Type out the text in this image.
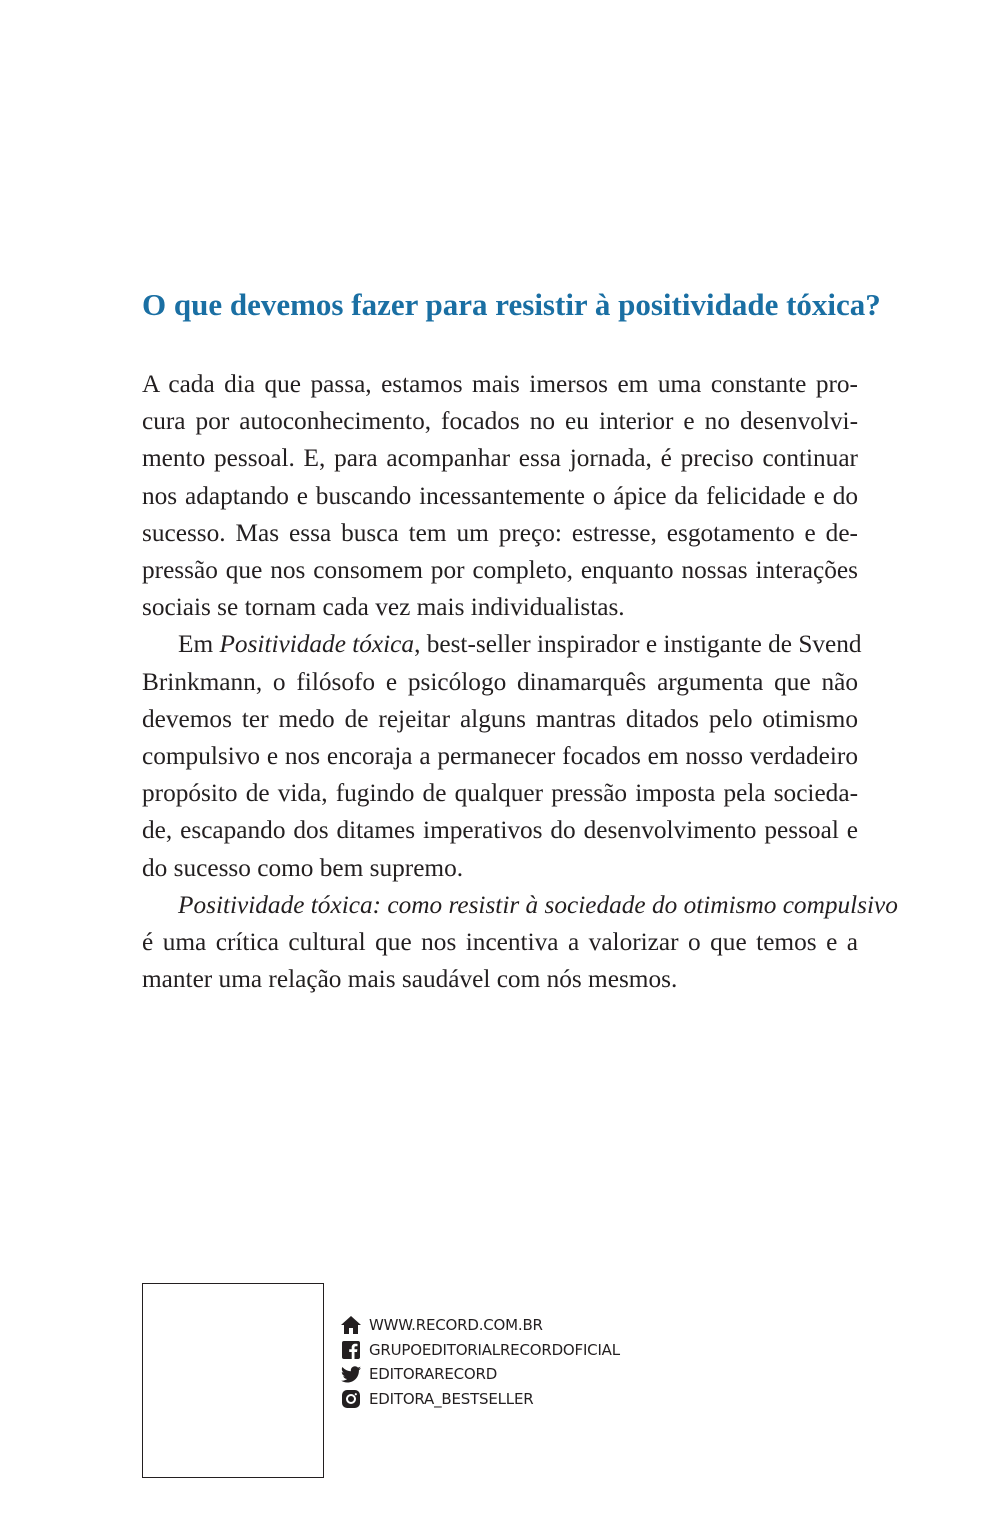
O que devemos fazer para resistir à positividade tóxica?

A cada dia que passa, estamos mais imersos em uma constante pro-
cura por autoconhecimento, focados no eu interior e no desenvolvi-
mento pessoal. E, para acompanhar essa jornada, é preciso continuar
nos adaptando e buscando incessantemente o ápice da felicidade e do
sucesso. Mas essa busca tem um preço: estresse, esgotamento e de-
pressão que nos consomem por completo, enquanto nossas interações
sociais se tornam cada vez mais individualistas.

Em Positividade tóxica, best-seller inspirador e instigante de Svend
Brinkmann, o filósofo e psicólogo dinamarquês argumenta que não
devemos ter medo de rejeitar alguns mantras ditados pelo otimismo
compulsivo e nos encoraja a permanecer focados em nosso verdadeiro
propósito de vida, fugindo de qualquer pressão imposta pela socieda-
de, escapando dos ditames imperativos do desenvolvimento pessoal e
do sucesso como bem supremo.

Positividade tóxica: como resistir à sociedade do otimismo compulsivo
é uma crítica cultural que nos incentiva a valorizar o que temos e a
manter uma relação mais saudável com nós mesmos.

WWW.RECORD.COM.BR
GRUPOEDITORIALRECORDOFICIAL
EDITORARECORD
EDITORA_BESTSELLER
